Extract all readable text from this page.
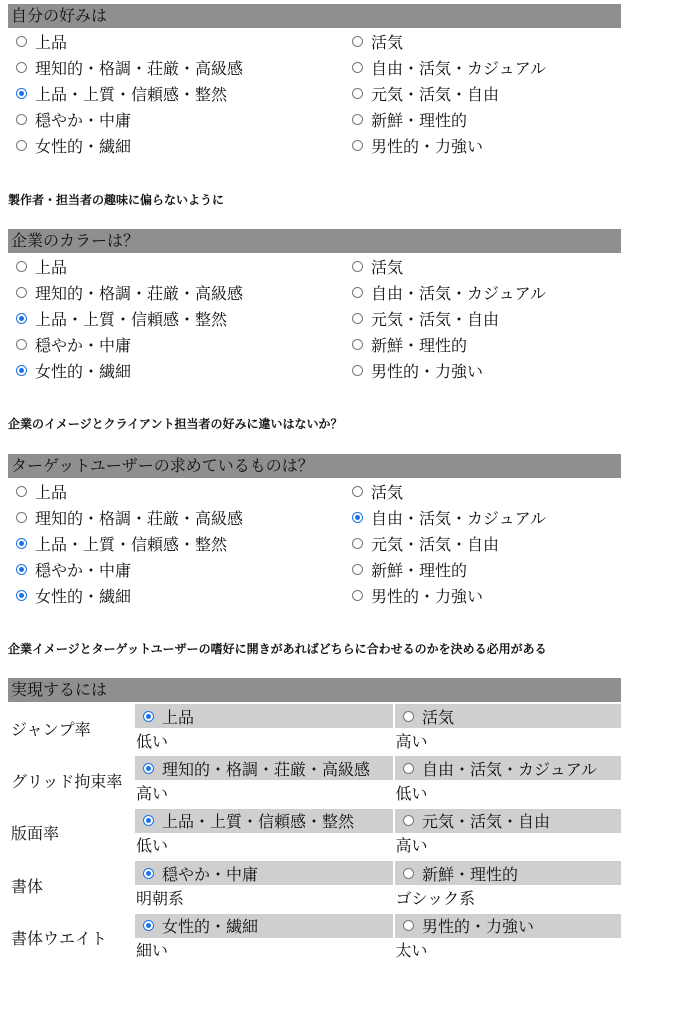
自分の好みは
上品
理知的・格調・荘厳・高級感
上品・上質・信頼感・整然
穏やか・中庸
女性的・繊細
活気
自由・活気・カジュアル
元気・活気・自由
新鮮・理性的
男性的・力強い

製作者・担当者の趣味に偏らないように

企業のカラーは？
上品
理知的・格調・荘厳・高級感
上品・上質・信頼感・整然
穏やか・中庸
女性的・繊細
活気
自由・活気・カジュアル
元気・活気・自由
新鮮・理性的
男性的・力強い

企業のイメージとクライアント担当者の好みに違いはないか？

ターゲットユーザーの求めているものは？
上品
理知的・格調・荘厳・高級感
上品・上質・信頼感・整然
穏やか・中庸
女性的・繊細
活気
自由・活気・カジュアル
元気・活気・自由
新鮮・理性的
男性的・力強い

企業イメージとターゲットユーザーの嗜好に開きがあればどちらに合わせるのかを決める必用がある

実現するには
ジャンプ率
上品	活気
低い	高い
グリッド拘束率
理知的・格調・荘厳・高級感	自由・活気・カジュアル
高い	低い
版面率
上品・上質・信頼感・整然	元気・活気・自由
低い	高い
書体
穏やか・中庸	新鮮・理性的
明朝系	ゴシック系
書体ウエイト
女性的・繊細	男性的・力強い
細い	太い
